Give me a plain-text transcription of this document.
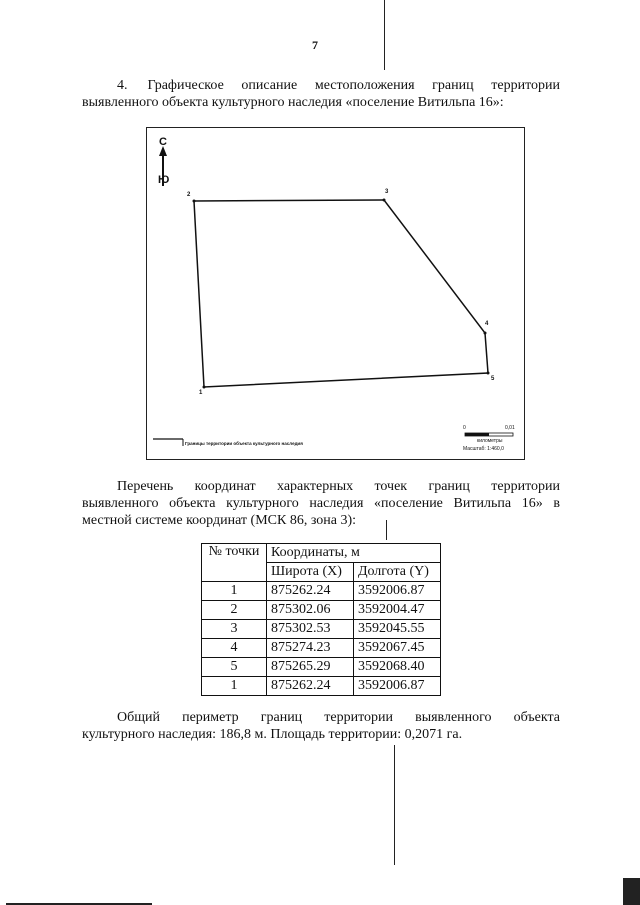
7
4. Графическое описание местоположения границ территории
выявленного объекта культурного наследия «поселение Витильпа 16»:
С
Ю
1
2	3
4
5
Границы территории объекта культурного наследия
0	0,01
километры
Масштаб: 1:460,0
Перечень координат характерных точек границ территории
выявленного объекта культурного наследия «поселение Витильпа 16» в
местной системе координат (МСК 86, зона 3):
№ точки	Координаты, м	
	Широта (X)	Долгота (Y)
1	875262.24	3592006.87
2	875302.06	3592004.47
3	875302.53	3592045.55
4	875274.23	3592067.45
5	875265.29	3592068.40
1	875262.24	3592006.87
Общий периметр границ территории выявленного объекта
культурного наследия: 186,8 м. Площадь территории: 0,2071 га.
